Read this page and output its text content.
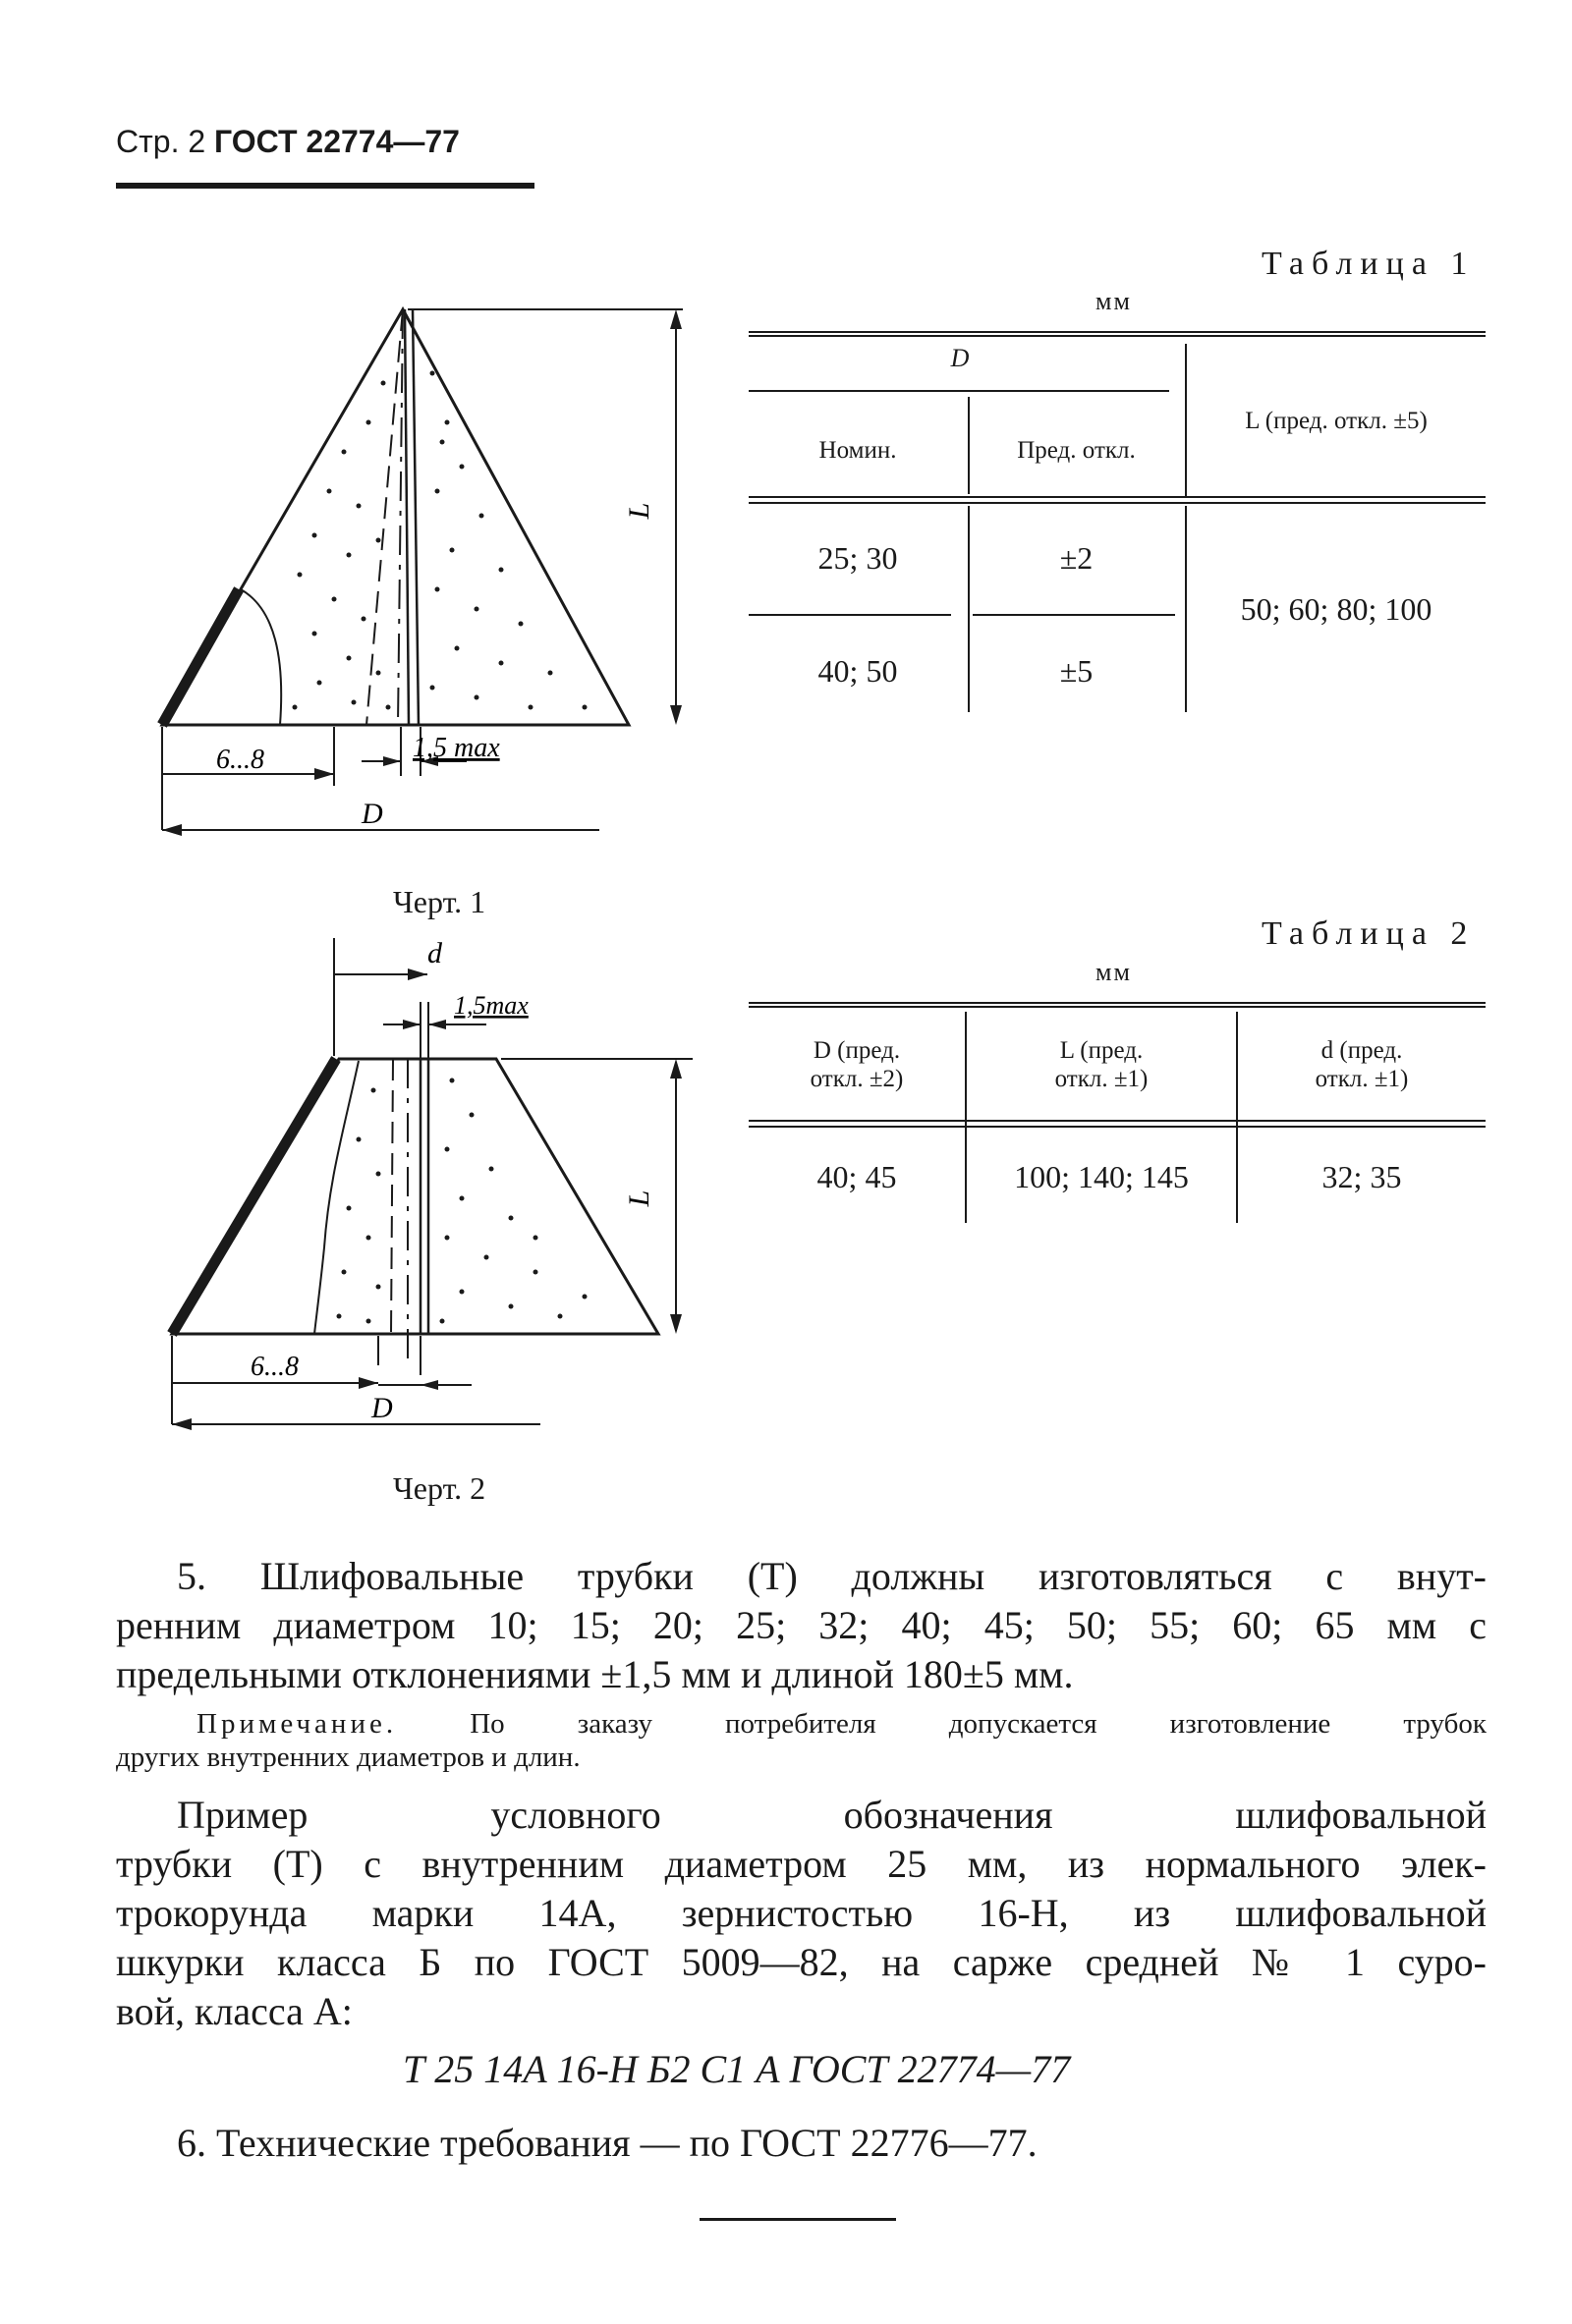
Стр. 2 ГОСТ 22774—77
L
6...8	1,5 max
D
Черт. 1
Таблица 1
мм
D
Номин.	Пред. откл.
L (пред. откл. ±5)
25; 30	±2
40; 50	±5
50; 60; 80; 100
d
1,5max
L
6...8
D
Черт. 2
Таблица 2
мм
D (пред.
откл. ±2)
L (пред.
откл. ±1)
d (пред.
откл. ±1)
40; 45	100; 140; 145	32; 35
5. Шлифовальные трубки (Т) должны изготовляться с внут-
ренним диаметром 10; 15; 20; 25; 32; 40; 45; 50; 55; 60; 65 мм с
предельными отклонениями ±1,5 мм и длиной 180±5 мм.
Примечание.	По заказу потребителя допускается изготовление трубок
других внутренних диаметров и длин.
Пример условного обозначения шлифовальной
трубки (Т) с внутренним диаметром 25 мм, из нормального элек-
трокорунда марки 14А, зернистостью 16-Н, из шлифовальной
шкурки класса Б по ГОСТ 5009—82, на саржe средней № 1 суро-
вой, класса А:
Т 25 14А 16-Н Б2 С1 А ГОСТ 22774—77
6. Технические требования — по ГОСТ 22776—77.
